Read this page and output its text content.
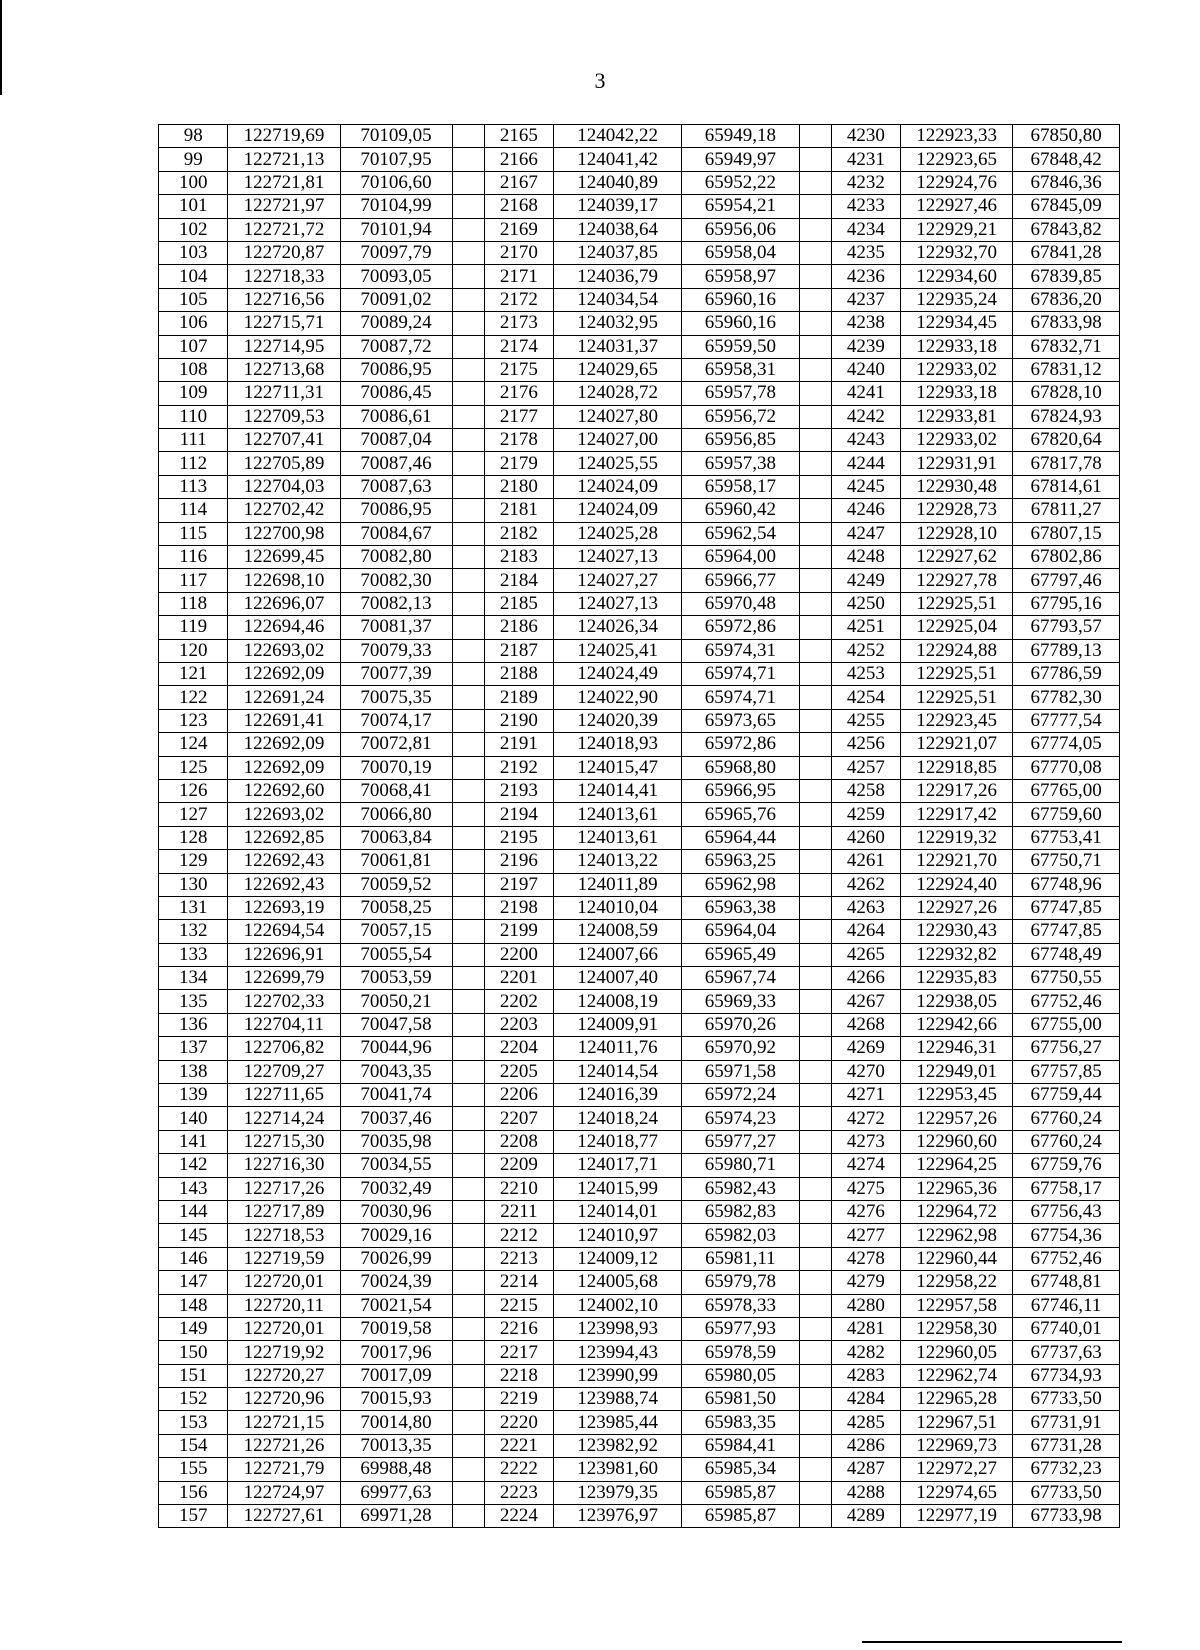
3
98	122719,69	70109,05		2165	124042,22	65949,18		4230	122923,33	67850,80
99	122721,13	70107,95		2166	124041,42	65949,97		4231	122923,65	67848,42
100	122721,81	70106,60		2167	124040,89	65952,22		4232	122924,76	67846,36
101	122721,97	70104,99		2168	124039,17	65954,21		4233	122927,46	67845,09
102	122721,72	70101,94		2169	124038,64	65956,06		4234	122929,21	67843,82
103	122720,87	70097,79		2170	124037,85	65958,04		4235	122932,70	67841,28
104	122718,33	70093,05		2171	124036,79	65958,97		4236	122934,60	67839,85
105	122716,56	70091,02		2172	124034,54	65960,16		4237	122935,24	67836,20
106	122715,71	70089,24		2173	124032,95	65960,16		4238	122934,45	67833,98
107	122714,95	70087,72		2174	124031,37	65959,50		4239	122933,18	67832,71
108	122713,68	70086,95		2175	124029,65	65958,31		4240	122933,02	67831,12
109	122711,31	70086,45		2176	124028,72	65957,78		4241	122933,18	67828,10
110	122709,53	70086,61		2177	124027,80	65956,72		4242	122933,81	67824,93
111	122707,41	70087,04		2178	124027,00	65956,85		4243	122933,02	67820,64
112	122705,89	70087,46		2179	124025,55	65957,38		4244	122931,91	67817,78
113	122704,03	70087,63		2180	124024,09	65958,17		4245	122930,48	67814,61
114	122702,42	70086,95		2181	124024,09	65960,42		4246	122928,73	67811,27
115	122700,98	70084,67		2182	124025,28	65962,54		4247	122928,10	67807,15
116	122699,45	70082,80		2183	124027,13	65964,00		4248	122927,62	67802,86
117	122698,10	70082,30		2184	124027,27	65966,77		4249	122927,78	67797,46
118	122696,07	70082,13		2185	124027,13	65970,48		4250	122925,51	67795,16
119	122694,46	70081,37		2186	124026,34	65972,86		4251	122925,04	67793,57
120	122693,02	70079,33		2187	124025,41	65974,31		4252	122924,88	67789,13
121	122692,09	70077,39		2188	124024,49	65974,71		4253	122925,51	67786,59
122	122691,24	70075,35		2189	124022,90	65974,71		4254	122925,51	67782,30
123	122691,41	70074,17		2190	124020,39	65973,65		4255	122923,45	67777,54
124	122692,09	70072,81		2191	124018,93	65972,86		4256	122921,07	67774,05
125	122692,09	70070,19		2192	124015,47	65968,80		4257	122918,85	67770,08
126	122692,60	70068,41		2193	124014,41	65966,95		4258	122917,26	67765,00
127	122693,02	70066,80		2194	124013,61	65965,76		4259	122917,42	67759,60
128	122692,85	70063,84		2195	124013,61	65964,44		4260	122919,32	67753,41
129	122692,43	70061,81		2196	124013,22	65963,25		4261	122921,70	67750,71
130	122692,43	70059,52		2197	124011,89	65962,98		4262	122924,40	67748,96
131	122693,19	70058,25		2198	124010,04	65963,38		4263	122927,26	67747,85
132	122694,54	70057,15		2199	124008,59	65964,04		4264	122930,43	67747,85
133	122696,91	70055,54		2200	124007,66	65965,49		4265	122932,82	67748,49
134	122699,79	70053,59		2201	124007,40	65967,74		4266	122935,83	67750,55
135	122702,33	70050,21		2202	124008,19	65969,33		4267	122938,05	67752,46
136	122704,11	70047,58		2203	124009,91	65970,26		4268	122942,66	67755,00
137	122706,82	70044,96		2204	124011,76	65970,92		4269	122946,31	67756,27
138	122709,27	70043,35		2205	124014,54	65971,58		4270	122949,01	67757,85
139	122711,65	70041,74		2206	124016,39	65972,24		4271	122953,45	67759,44
140	122714,24	70037,46		2207	124018,24	65974,23		4272	122957,26	67760,24
141	122715,30	70035,98		2208	124018,77	65977,27		4273	122960,60	67760,24
142	122716,30	70034,55		2209	124017,71	65980,71		4274	122964,25	67759,76
143	122717,26	70032,49		2210	124015,99	65982,43		4275	122965,36	67758,17
144	122717,89	70030,96		2211	124014,01	65982,83		4276	122964,72	67756,43
145	122718,53	70029,16		2212	124010,97	65982,03		4277	122962,98	67754,36
146	122719,59	70026,99		2213	124009,12	65981,11		4278	122960,44	67752,46
147	122720,01	70024,39		2214	124005,68	65979,78		4279	122958,22	67748,81
148	122720,11	70021,54		2215	124002,10	65978,33		4280	122957,58	67746,11
149	122720,01	70019,58		2216	123998,93	65977,93		4281	122958,30	67740,01
150	122719,92	70017,96		2217	123994,43	65978,59		4282	122960,05	67737,63
151	122720,27	70017,09		2218	123990,99	65980,05		4283	122962,74	67734,93
152	122720,96	70015,93		2219	123988,74	65981,50		4284	122965,28	67733,50
153	122721,15	70014,80		2220	123985,44	65983,35		4285	122967,51	67731,91
154	122721,26	70013,35		2221	123982,92	65984,41		4286	122969,73	67731,28
155	122721,79	69988,48		2222	123981,60	65985,34		4287	122972,27	67732,23
156	122724,97	69977,63		2223	123979,35	65985,87		4288	122974,65	67733,50
157	122727,61	69971,28		2224	123976,97	65985,87		4289	122977,19	67733,98
